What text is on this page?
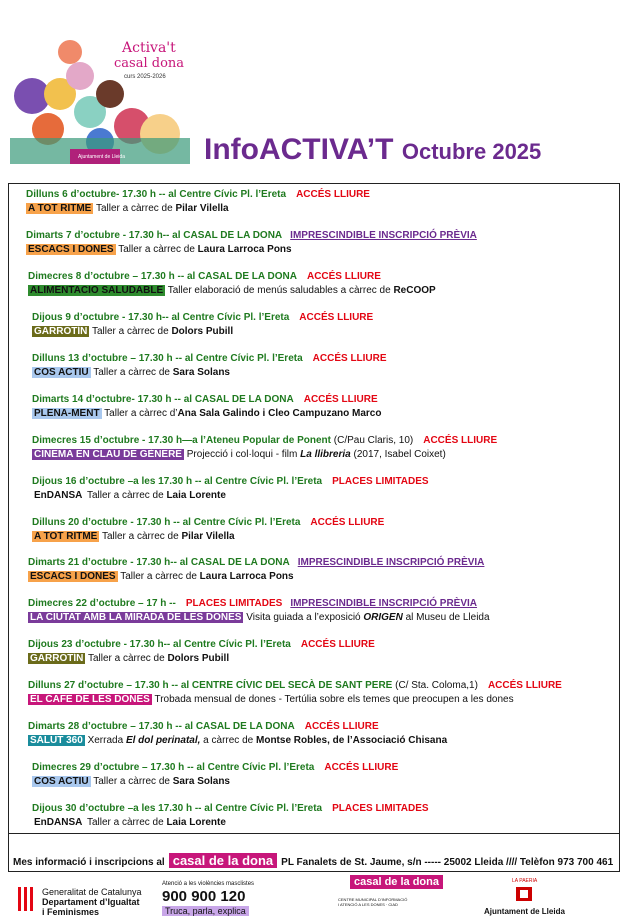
Activa't
casal dona
curs 2025-2026
Ajuntament de Lleida	InfoACTIVA’T Octubre 2025
Dilluns 6 d’octubre- 17.30 h -- al Centre Cívic Pl. l’Ereta ACCÉS LLIURE
A TOT RITME Taller a càrrec de Pilar Vilella
Dimarts 7 d’octubre - 17.30 h-- al CASAL DE LA DONA IMPRESCINDIBLE INSCRIPCIÓ PRÈVIA
ESCACS I DONES Taller a càrrec de Laura Larroca Pons
Dimecres 8 d’octubre – 17.30 h -- al CASAL DE LA DONA ACCÉS LLIURE
ALIMENTACIO SALUDABLE Taller elaboració de menús saludables a càrrec de ReCOOP
Dijous 9 d’octubre - 17.30 h-- al Centre Cívic Pl. l’Ereta ACCÉS LLIURE
GARROTÍN Taller a càrrec de Dolors Pubill
Dilluns 13 d’octubre – 17.30 h -- al Centre Cívic Pl. l’Ereta ACCÉS LLIURE
COS ACTIU Taller a càrrec de Sara Solans
Dimarts 14 d’octubre- 17.30 h -- al CASAL DE LA DONA ACCÉS LLIURE
PLENA-MENT Taller a càrrec d’Ana Sala Galindo i Cleo Campuzano Marco
Dimecres 15 d’octubre - 17.30 h—a l’Ateneu Popular de Ponent (C/Pau Claris, 10) ACCÉS LLIURE
CINEMA EN CLAU DE GÈNERE Projecció i col·loqui - film La llibreria (2017, Isabel Coixet)
Dijous 16 d’octubre –a les 17.30 h -- al Centre Cívic Pl. l’Ereta PLACES LIMITADES
EnDANSA Taller a càrrec de Laia Lorente
Dilluns 20 d’octubre - 17.30 h -- al Centre Cívic Pl. l’Ereta ACCÉS LLIURE
A TOT RITME Taller a càrrec de Pilar Vilella
Dimarts 21 d’octubre - 17.30 h-- al CASAL DE LA DONA IMPRESCINDIBLE INSCRIPCIÓ PRÈVIA
ESCACS I DONES Taller a càrrec de Laura Larroca Pons
Dimecres 22 d’octubre – 17 h -- PLACES LIMITADES IMPRESCINDIBLE INSCRIPCIÓ PRÈVIA
LA CIUTAT AMB LA MIRADA DE LES DONES Visita guiada a l’exposició ORIGEN al Museu de Lleida
Dijous 23 d’octubre - 17.30 h-- al Centre Cívic Pl. l’Ereta ACCÉS LLIURE
GARROTÍN Taller a càrrec de Dolors Pubill
Dilluns 27 d’octubre – 17.30 h -- al CENTRE CÍVIC DEL SECÀ DE SANT PERE (C/ Sta. Coloma,1) ACCÉS LLIURE
EL CAFE DE LES DONES Trobada mensual de dones - Tertúlia sobre els temes que preocupen a les dones
Dimarts 28 d’octubre – 17.30 h -- al CASAL DE LA DONA ACCÉS LLIURE
SALUT 360 Xerrada El dol perinatal, a càrrec de Montse Robles, de l’Associació Chisana
Dimecres 29 d’octubre – 17.30 h -- al Centre Cívic Pl. l’Ereta ACCÉS LLIURE
COS ACTIU Taller a càrrec de Sara Solans
Dijous 30 d’octubre –a les 17.30 h -- al Centre Cívic Pl. l’Ereta PLACES LIMITADES
EnDANSA Taller a càrrec de Laia Lorente
Mes informació i inscripcions al casal de la dona PL Fanalets de St. Jaume, s/n ----- 25002 Lleida //// Telèfon 973 700 461
Generalitat de Catalunya
Departament d’Igualtat
i Feminismes
Atenció a les violències masclistes
900 900 120
Truca, parla, explica
casal de la dona
CENTRE MUNICIPAL D’INFORMACIÓ I ATENCIÓ A LES DONES · CIAD
LA PAERIA
Ajuntament de Lleida
